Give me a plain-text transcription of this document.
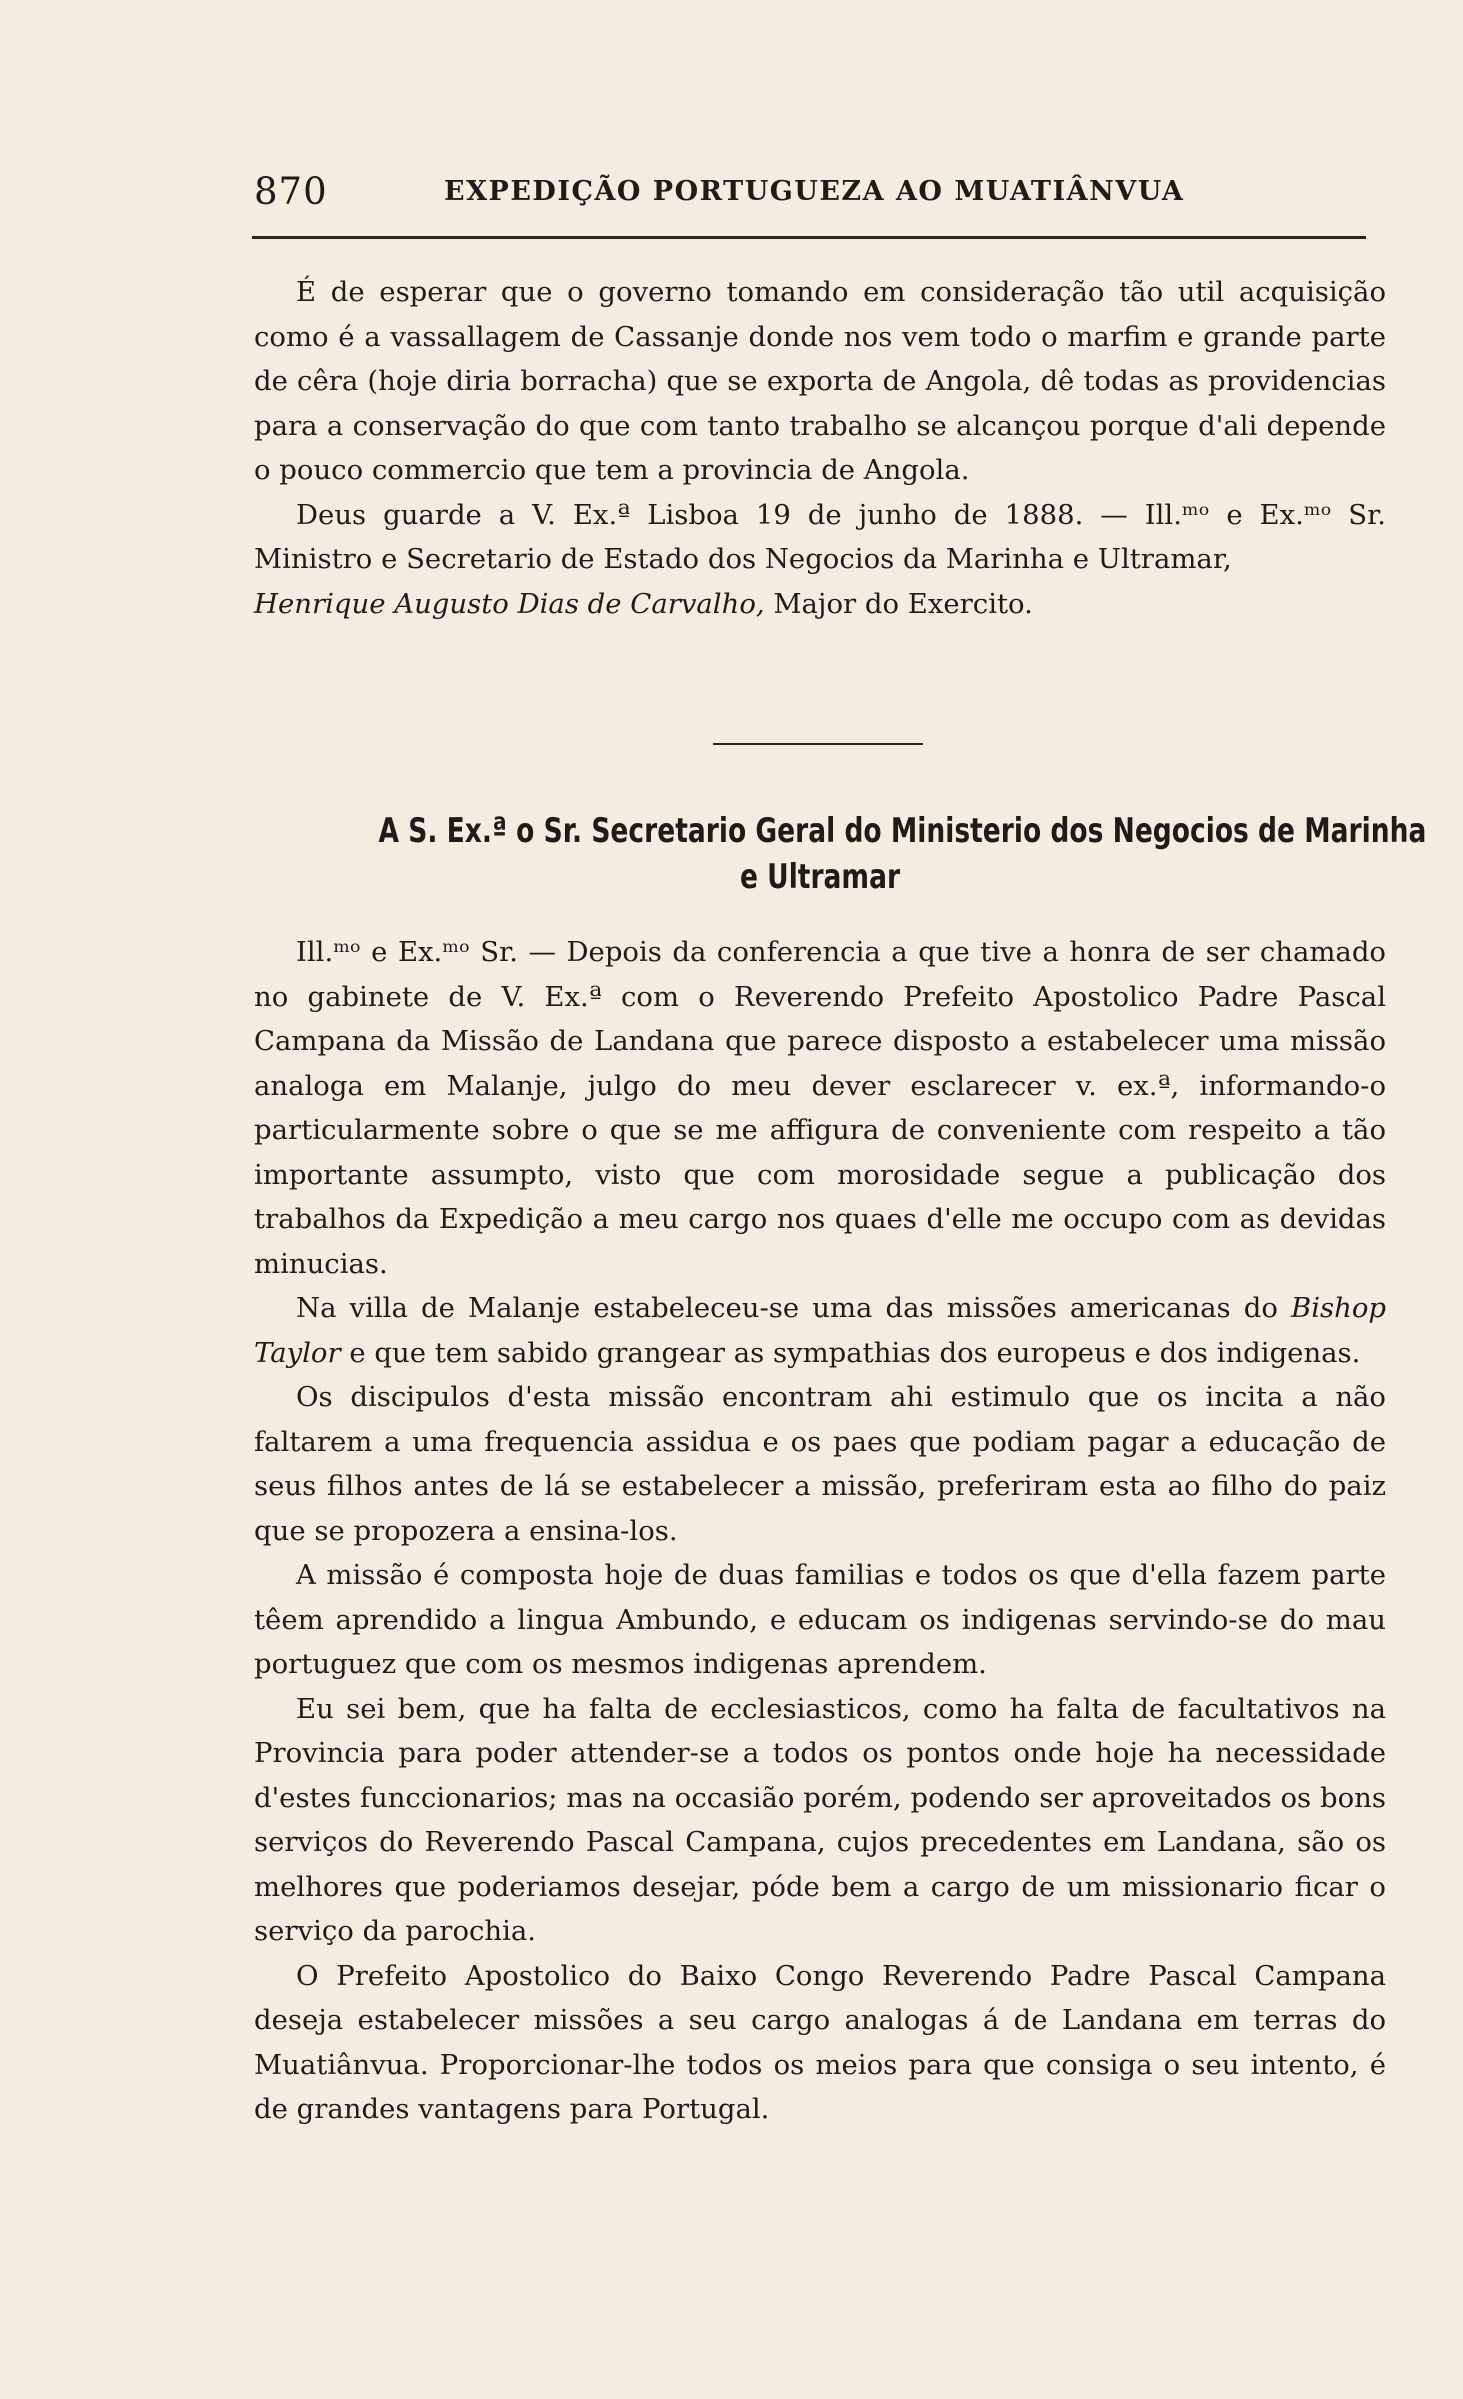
870	EXPEDIÇÃO PORTUGUEZA AO MUATIÂNVUA

É de esperar que o governo tomando em consideração tão util acquisição como é a vassallagem de Cassanje donde nos vem todo o marfim e grande parte de cêra (hoje diria borracha) que se exporta de Angola, dê todas as providencias para a conservação do que com tanto trabalho se alcançou porque d'ali depende o pouco commercio que tem a provincia de Angola.

Deus guarde a V. Ex.ª Lisboa 19 de junho de 1888. — Ill.ᵐᵒ e Ex.ᵐᵒ Sr. Ministro e Secretario de Estado dos Negocios da Marinha e Ultramar,
Henrique Augusto Dias de Carvalho, Major do Exercito.

A S. Ex.ª o Sr. Secretario Geral do Ministerio dos Negocios de Marinha
e Ultramar

Ill.ᵐᵒ e Ex.ᵐᵒ Sr. — Depois da conferencia a que tive a honra de ser chamado no gabinete de V. Ex.ª com o Reverendo Prefeito Apostolico Padre Pascal Campana da Missão de Landana que parece disposto a estabelecer uma missão analoga em Malanje, julgo do meu dever esclarecer v. ex.ª, informando-o particularmente sobre o que se me affigura de conveniente com respeito a tão importante assumpto, visto que com morosidade segue a publicação dos trabalhos da Expedição a meu cargo nos quaes d'elle me occupo com as devidas minucias.

Na villa de Malanje estabeleceu-se uma das missões americanas do Bishop Taylor e que tem sabido grangear as sympathias dos europeus e dos indigenas.

Os discipulos d'esta missão encontram ahi estimulo que os incita a não faltarem a uma frequencia assidua e os paes que podiam pagar a educação de seus filhos antes de lá se estabelecer a missão, preferiram esta ao filho do paiz que se propozera a ensina-los.

A missão é composta hoje de duas familias e todos os que d'ella fazem parte têem aprendido a lingua Ambundo, e educam os indigenas servindo-se do mau portuguez que com os mesmos indigenas aprendem.

Eu sei bem, que ha falta de ecclesiasticos, como ha falta de facultativos na Provincia para poder attender-se a todos os pontos onde hoje ha necessidade d'estes funccionarios; mas na occasião porém, podendo ser aproveitados os bons serviços do Reverendo Pascal Campana, cujos precedentes em Landana, são os melhores que poderiamos desejar, póde bem a cargo de um missionario ficar o serviço da parochia.

O Prefeito Apostolico do Baixo Congo Reverendo Padre Pascal Campana deseja estabelecer missões a seu cargo analogas á de Landana em terras do Muatiânvua. Proporcionar-lhe todos os meios para que consiga o seu intento, é de grandes vantagens para Portugal.
